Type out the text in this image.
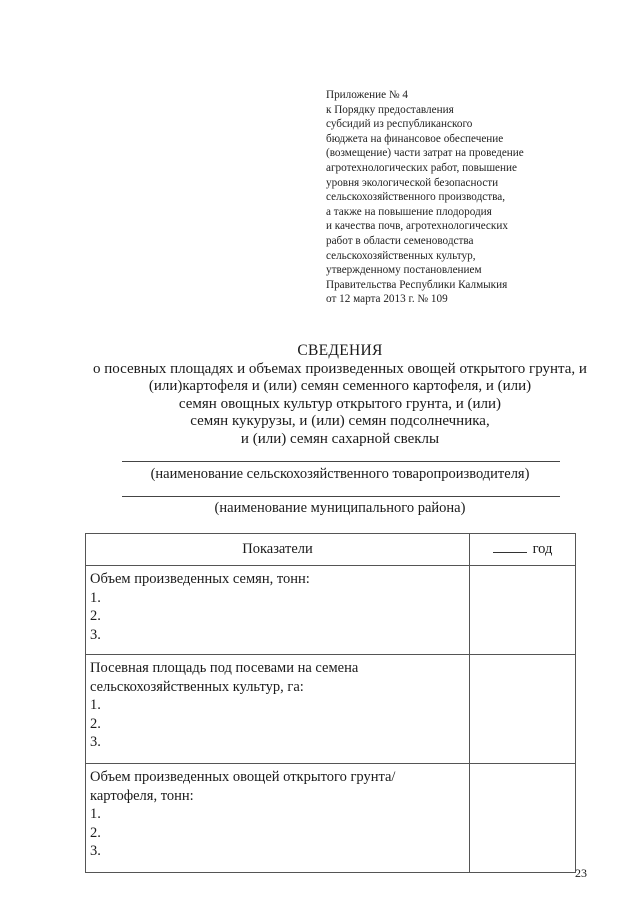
Приложение № 4
к Порядку предоставления
субсидий из республиканского
бюджета на финансовое обеспечение
(возмещение) части затрат на проведение
агротехнологических работ, повышение
уровня экологической безопасности
сельскохозяйственного производства,
а также на повышение плодородия
и качества почв, агротехнологических
работ в области семеноводства
сельскохозяйственных культур,
утвержденному постановлением
Правительства Республики Калмыкия
от 12 марта 2013 г. № 109
СВЕДЕНИЯ
о посевных площадях и объемах произведенных овощей открытого грунта, и
(или)картофеля и (или) семян семенного картофеля, и (или)
семян овощных культур открытого грунта, и (или)
семян кукурузы, и (или) семян подсолнечника,
и (или) семян сахарной свеклы
(наименование сельскохозяйственного товаропроизводителя)
(наименование муниципального района)
Показатели	год

Объем произведенных семян, тонн:
1.
2.
3.	

Посевная площадь под посевами на семена
сельскохозяйственных культур, га:
1.
2.
3.	

Объем произведенных овощей открытого грунта/
картофеля, тонн:
1.
2.
3.	

23
